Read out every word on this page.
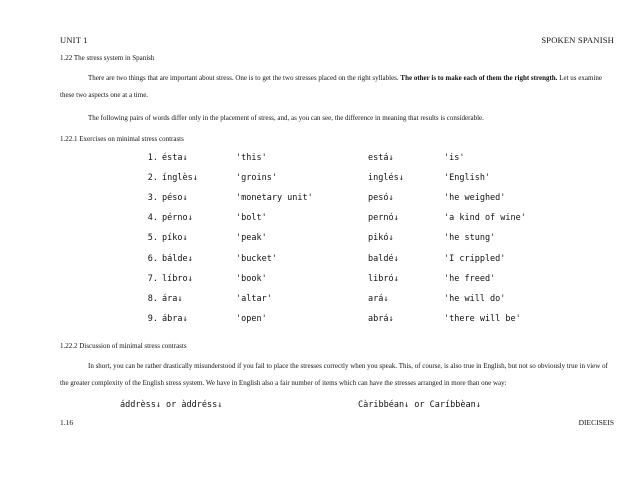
UNIT 1	SPOKEN SPANISH
1.22 The stress system in Spanish
There are two things that are important about stress. One is to get the two stresses placed on the right syllables. The other is to make each of them the right strength. Let us examine these two aspects one at a time.
The following pairs of words differ only in the placement of stress, and, as you can see, the difference in meaning that results is considerable.
1.22.1 Exercises on minimal stress contrasts
1. ésta↓	'this'	está↓	'is'
2. ínglès↓	'groins'	inglés↓	'English'
3. péso↓	'monetary unit'	pesó↓	'he weighed'
4. pérno↓	'bolt'	pernó↓	'a kind of wine'
5. píko↓	'peak'	pikó↓	'he stung'
6. bálde↓	'bucket'	baldé↓	'I crippled'
7. líbro↓	'book'	libró↓	'he freed'
8. ára↓	'altar'	ará↓	'he will do'
9. ábra↓	'open'	abrá↓	'there will be'
1.22.2 Discussion of minimal stress contrasts
In short, you can be rather drastically misunderstood if you fail to place the stresses correctly when you speak. This, of course, is also true in English, but not so obviously true in view of the greater complexity of the English stress system. We have in English also a fair number of items which can have the stresses arranged in more than one way:
áddrèss↓ or àddréss↓	Càribbéan↓ or Caríbbèan↓
1.16	DIECISEIS
